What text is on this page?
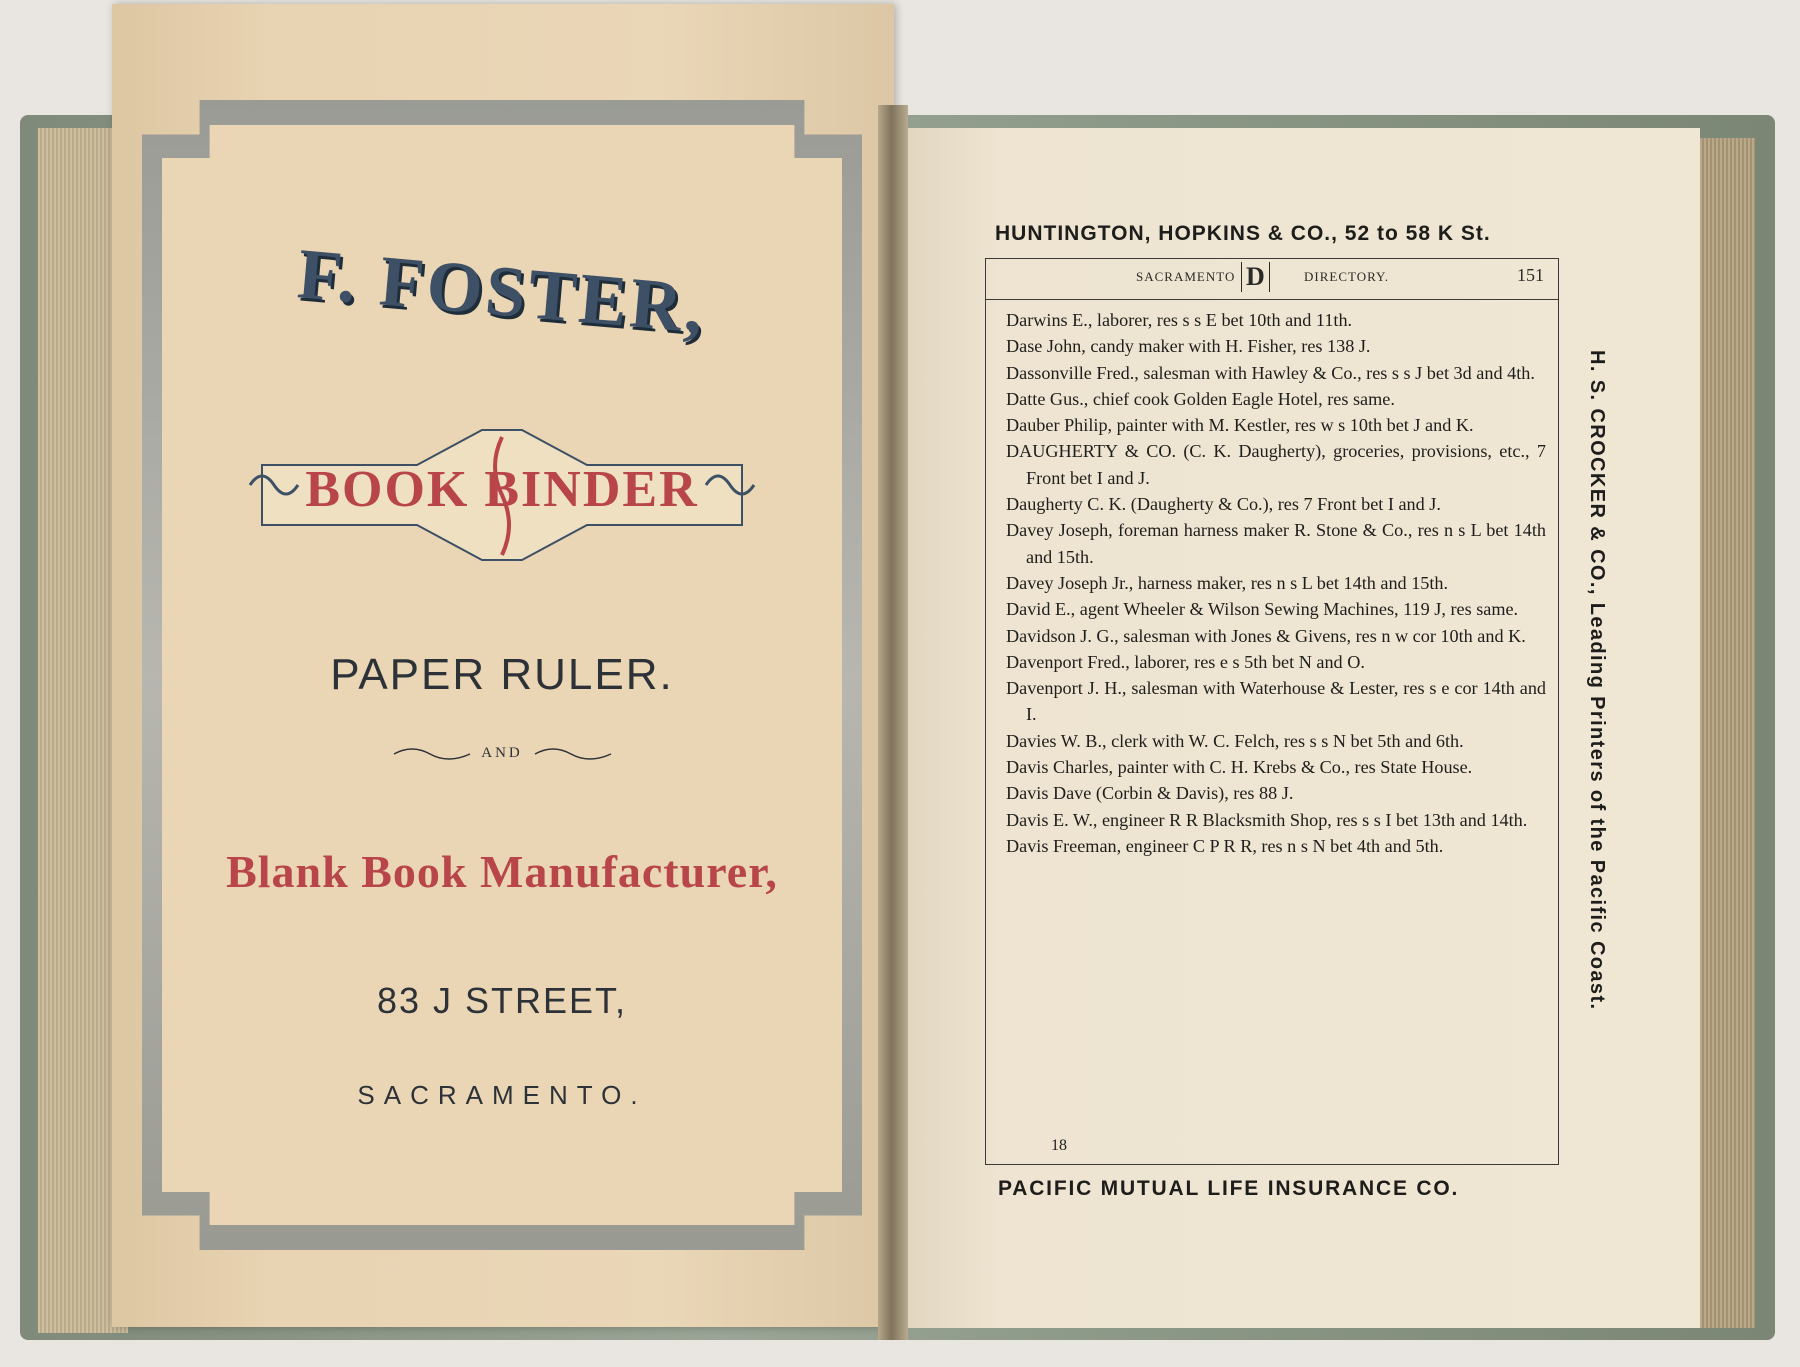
F. FOSTER,
BOOK BINDER
PAPER RULER.
AND
Blank Book Manufacturer,
83 J STREET,
SACRAMENTO.
HUNTINGTON, HOPKINS & CO., 52 to 58 K St.
SACRAMENTO D	DIRECTORY.	151
Darwins E., laborer, res s s E bet 10th and 11th.
Dase John, candy maker with H. Fisher, res 138 J.
Dassonville Fred., salesman with Hawley & Co., res s s J bet 3d and 4th.
Datte Gus., chief cook Golden Eagle Hotel, res same.
Dauber Philip, painter with M. Kestler, res w s 10th bet J and K.
DAUGHERTY & CO. (C. K. Daugherty), groceries, provisions, etc., 7 Front bet I and J.
Daugherty C. K. (Daugherty & Co.), res 7 Front bet I and J.
Davey Joseph, foreman harness maker R. Stone & Co., res n s L bet 14th and 15th.
Davey Joseph Jr., harness maker, res n s L bet 14th and 15th.
David E., agent Wheeler & Wilson Sewing Machines, 119 J, res same.
Davidson J. G., salesman with Jones & Givens, res n w cor 10th and K.
Davenport Fred., laborer, res e s 5th bet N and O.
Davenport J. H., salesman with Waterhouse & Lester, res s e cor 14th and I.
Davies W. B., clerk with W. C. Felch, res s s N bet 5th and 6th.
Davis Charles, painter with C. H. Krebs & Co., res State House.
Davis Dave (Corbin & Davis), res 88 J.
Davis E. W., engineer R R Blacksmith Shop, res s s I bet 13th and 14th.
Davis Freeman, engineer C P R R, res n s N bet 4th and 5th.
18
PACIFIC MUTUAL LIFE INSURANCE CO.
H. S. CROCKER & CO., Leading Printers of the Pacific Coast.
